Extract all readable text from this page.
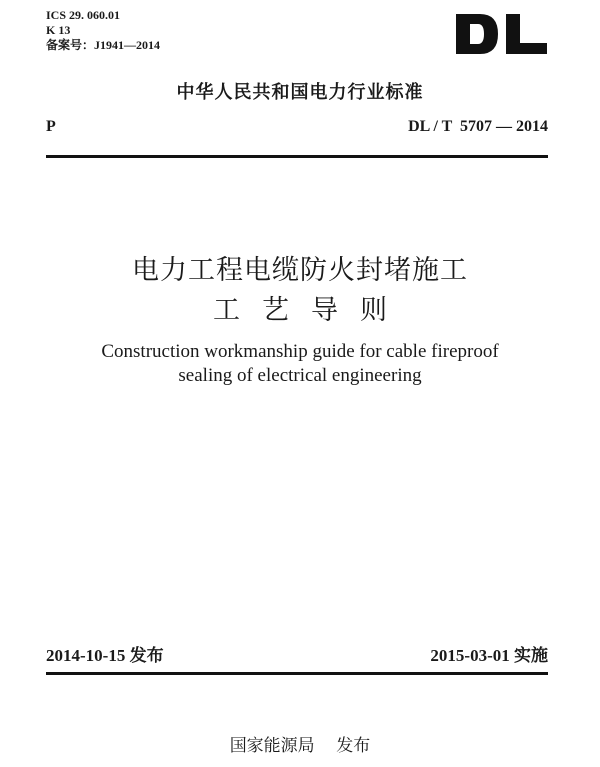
ICS 29. 060.01
K 13
备案号：J1941—2014
中华人民共和国电力行业标准
P	DL / T  5707 — 2014
电力工程电缆防火封堵施工
工艺导则
Construction workmanship guide for cable fireproof
sealing of electrical engineering
2014-10-15 发布	2015-03-01 实施
国家能源局    发布
